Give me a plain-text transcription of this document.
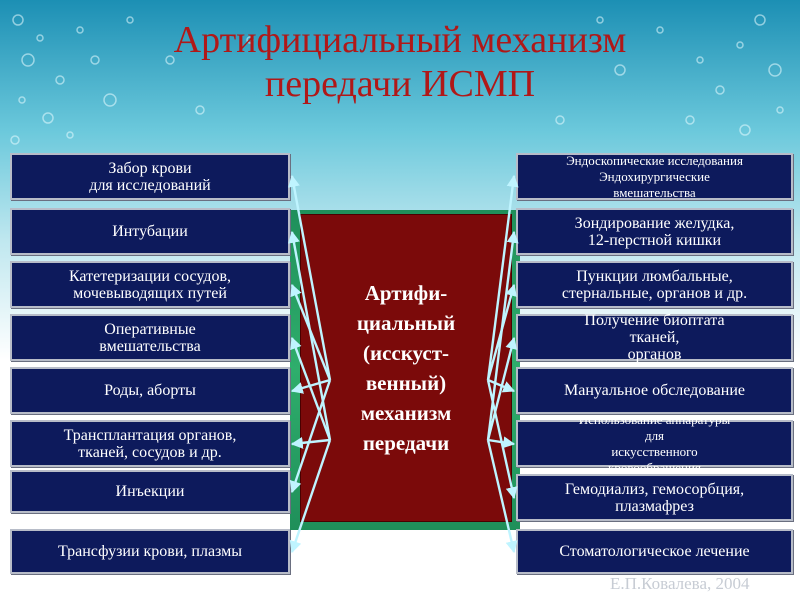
Артифициальный механизм
передачи ИСМП
Артифи-
циальный
(исскуст-
венный)
механизм
передачи
Забор крови
для исследований
Интубации
Катетеризации сосудов,
мочевыводящих путей
Оперативные
вмешательства
Роды, аборты
Трансплантация органов,
тканей, сосудов и др.
Инъекции
Трансфузии крови, плазмы
Эндоскопические исследования
Эндохирургические
вмешательства
Зондирование желудка,
12-перстной кишки
Пункции люмбальные,
стернальные, органов и др.
Получение биоптата
тканей,
органов
Мануальное обследование
Использование аппаратуры
для
искусственного
кровообращения
Гемодиализ, гемосорбция,
плазмафрез
Стоматологическое лечение
Е.П.Ковалева, 2004
